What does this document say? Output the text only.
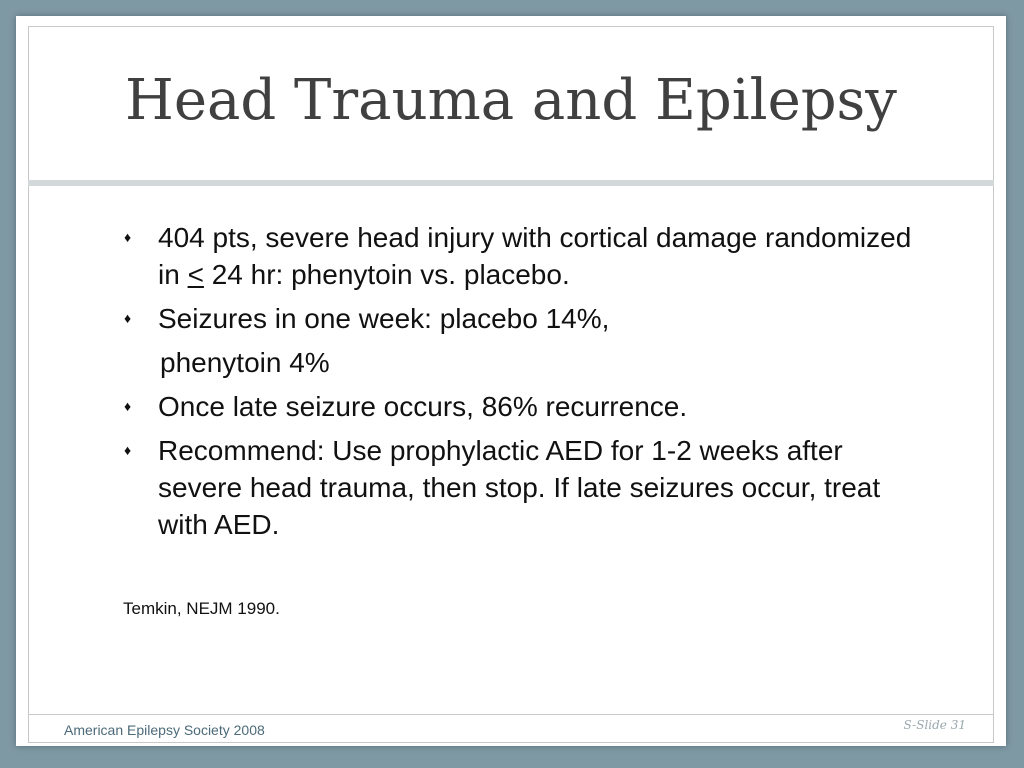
Head Trauma and Epilepsy
♦ 404 pts, severe head injury with cortical damage randomized in < 24 hr: phenytoin vs. placebo.
♦ Seizures in one week: placebo 14%,
phenytoin 4%
♦ Once late seizure occurs, 86% recurrence.
♦ Recommend: Use prophylactic AED for 1-2 weeks after severe head trauma, then stop. If late seizures occur, treat with AED.
Temkin, NEJM 1990.
American Epilepsy Society 2008	S-Slide 31
